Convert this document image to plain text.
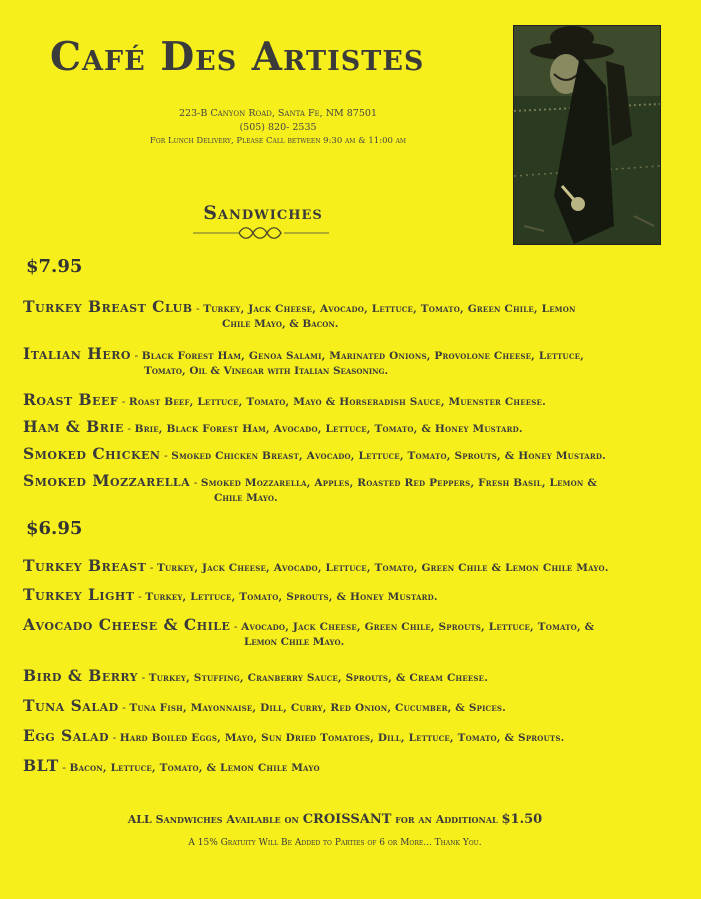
Café Des Artistes
223-B Canyon Road, Santa Fe, NM 87501
(505) 820- 2535
For Lunch Delivery, Please Call between 9:30 am & 11:00 am
Sandwiches
$7.95
Turkey Breast Club - Turkey, Jack Cheese, Avocado, Lettuce, Tomato, Green Chile, Lemon
Chile Mayo, & Bacon.
Italian Hero - Black Forest Ham, Genoa Salami, Marinated Onions, Provolone Cheese, Lettuce,
Tomato, Oil & Vinegar with Italian Seasoning.
Roast Beef - Roast Beef, Lettuce, Tomato, Mayo & Horseradish Sauce, Muenster Cheese.
Ham & Brie - Brie, Black Forest Ham, Avocado, Lettuce, Tomato, & Honey Mustard.
Smoked Chicken - Smoked Chicken Breast, Avocado, Lettuce, Tomato, Sprouts, & Honey Mustard.
Smoked Mozzarella - Smoked Mozzarella, Apples, Roasted Red Peppers, Fresh Basil, Lemon &
Chile Mayo.
$6.95
Turkey Breast - Turkey, Jack Cheese, Avocado, Lettuce, Tomato, Green Chile & Lemon Chile Mayo.
Turkey Light - Turkey, Lettuce, Tomato, Sprouts, & Honey Mustard.
Avocado Cheese & Chile - Avocado, Jack Cheese, Green Chile, Sprouts, Lettuce, Tomato, &
Lemon Chile Mayo.
Bird & Berry - Turkey, Stuffing, Cranberry Sauce, Sprouts, & Cream Cheese.
Tuna Salad - Tuna Fish, Mayonnaise, Dill, Curry, Red Onion, Cucumber, & Spices.
Egg Salad - Hard Boiled Eggs, Mayo, Sun Dried Tomatoes, Dill, Lettuce, Tomato, & Sprouts.
BLT - Bacon, Lettuce, Tomato, & Lemon Chile Mayo
ALL Sandwiches Available on CROISSANT for an Additional $1.50
A 15% Gratuity Will Be Added to Parties of 6 or More... Thank You.
